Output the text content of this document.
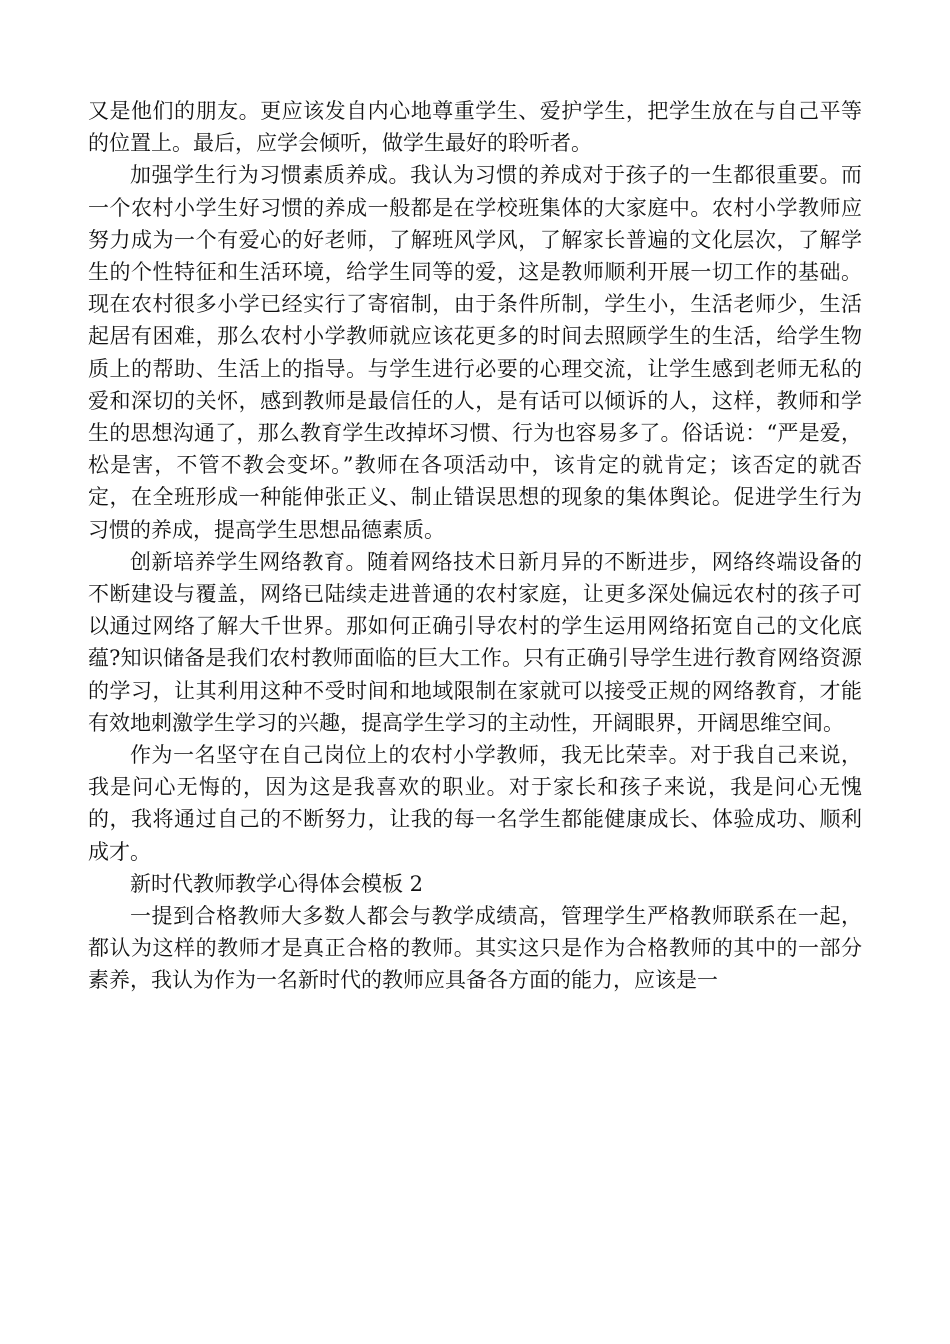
又是他们的朋友。更应该发自内心地尊重学生、爱护学生，把学生放在与自己平等的位置上。最后，应学会倾听，做学生最好的聆听者。

加强学生行为习惯素质养成。我认为习惯的养成对于孩子的一生都很重要。而一个农村小学生好习惯的养成一般都是在学校班集体的大家庭中。农村小学教师应努力成为一个有爱心的好老师，了解班风学风，了解家长普遍的文化层次，了解学生的个性特征和生活环境，给学生同等的爱，这是教师顺利开展一切工作的基础。现在农村很多小学已经实行了寄宿制，由于条件所制，学生小，生活老师少，生活起居有困难，那么农村小学教师就应该花更多的时间去照顾学生的生活，给学生物质上的帮助、生活上的指导。与学生进行必要的心理交流，让学生感到老师无私的爱和深切的关怀，感到教师是最信任的人，是有话可以倾诉的人，这样，教师和学生的思想沟通了，那么教育学生改掉坏习惯、行为也容易多了。俗话说：“严是爱，松是害，不管不教会变坏。”教师在各项活动中，该肯定的就肯定；该否定的就否定，在全班形成一种能伸张正义、制止错误思想的现象的集体舆论。促进学生行为习惯的养成，提高学生思想品德素质。

创新培养学生网络教育。随着网络技术日新月异的不断进步，网络终端设备的不断建设与覆盖，网络已陆续走进普通的农村家庭，让更多深处偏远农村的孩子可以通过网络了解大千世界。那如何正确引导农村的学生运用网络拓宽自己的文化底蕴?知识储备是我们农村教师面临的巨大工作。只有正确引导学生进行教育网络资源的学习，让其利用这种不受时间和地域限制在家就可以接受正规的网络教育，才能有效地刺激学生学习的兴趣，提高学生学习的主动性，开阔眼界，开阔思维空间。

作为一名坚守在自己岗位上的农村小学教师，我无比荣幸。对于我自己来说，我是问心无悔的，因为这是我喜欢的职业。对于家长和孩子来说，我是问心无愧的，我将通过自己的不断努力，让我的每一名学生都能健康成长、体验成功、顺利成才。

新时代教师教学心得体会模板 2

一提到合格教师大多数人都会与教学成绩高，管理学生严格教师联系在一起，都认为这样的教师才是真正合格的教师。其实这只是作为合格教师的其中的一部分素养，我认为作为一名新时代的教师应具备各方面的能力，应该是一
